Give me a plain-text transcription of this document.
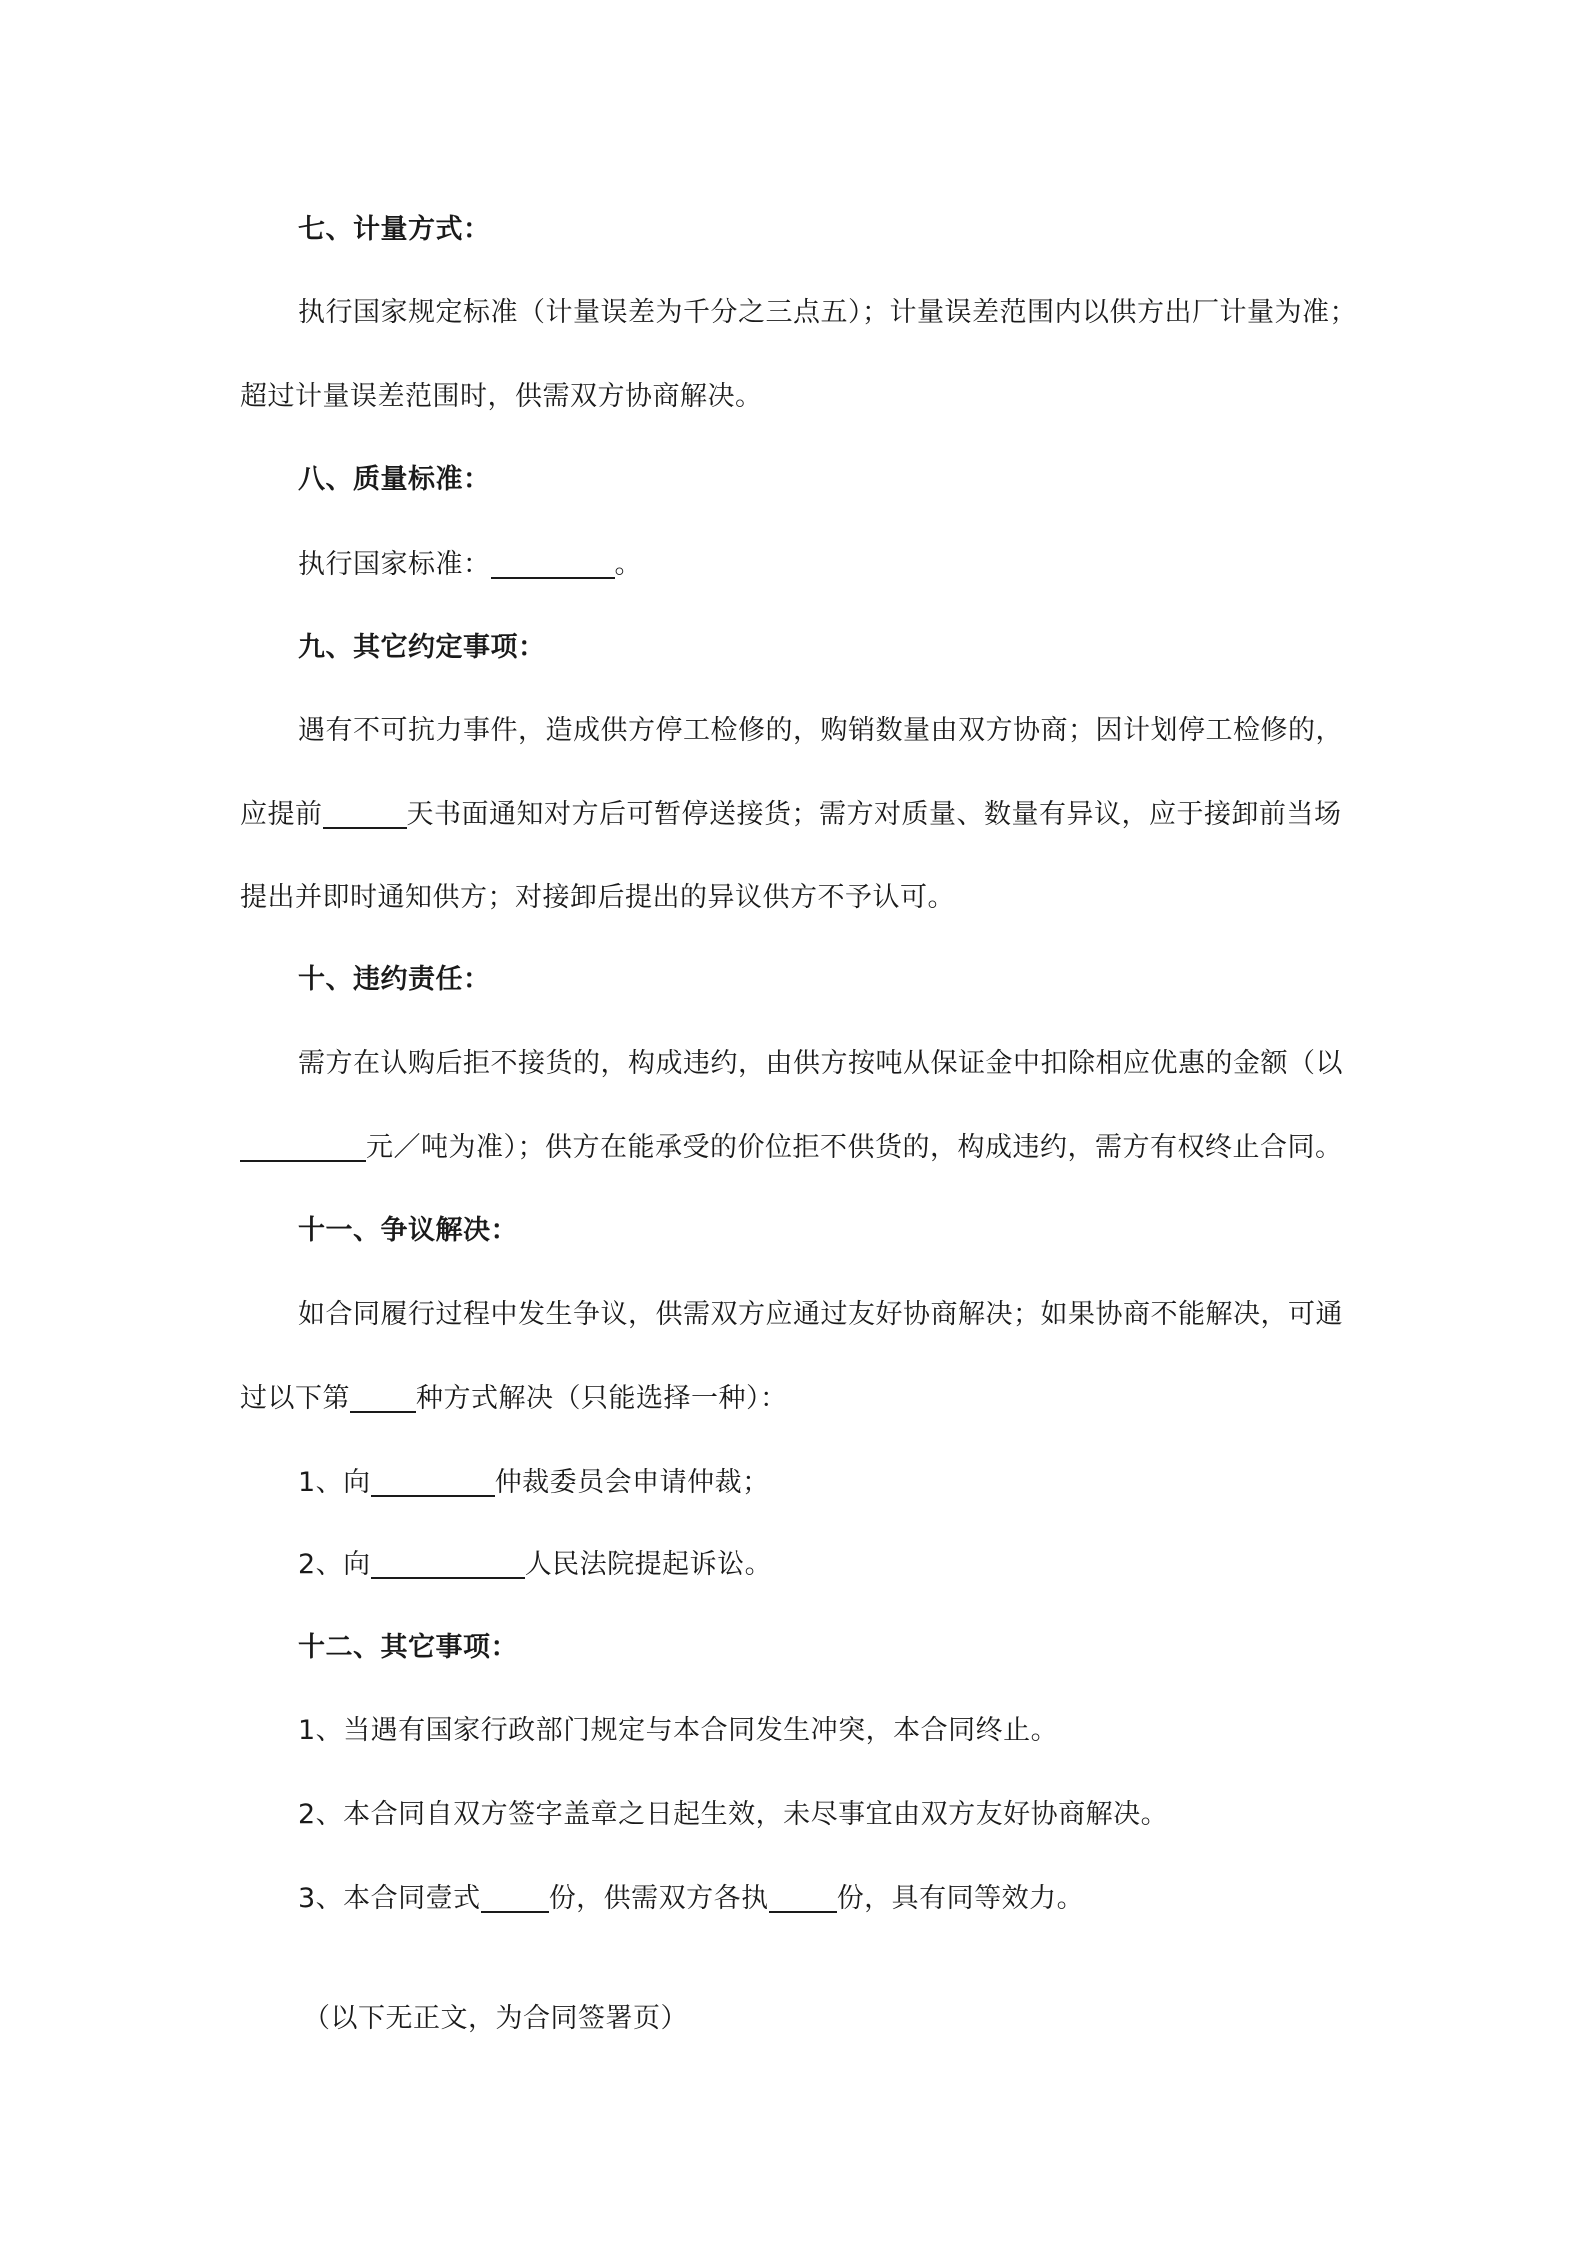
七、计量方式：
执行国家规定标准（计量误差为千分之三点五）；计量误差范围内以供方出厂计量为准；
超过计量误差范围时，供需双方协商解决。
八、质量标准：
执行国家标准：	。
九、其它约定事项：
遇有不可抗力事件，造成供方停工检修的，购销数量由双方协商；因计划停工检修的，
应提前	天书面通知对方后可暂停送接货；需方对质量、数量有异议，应于接卸前当场
提出并即时通知供方；对接卸后提出的异议供方不予认可。
十、违约责任：
需方在认购后拒不接货的，构成违约，由供方按吨从保证金中扣除相应优惠的金额（以
元／吨为准）；供方在能承受的价位拒不供货的，构成违约，需方有权终止合同。
十一、争议解决：
如合同履行过程中发生争议，供需双方应通过友好协商解决；如果协商不能解决，可通
过以下第 种方式解决（只能选择一种）：
1、向	仲裁委员会申请仲裁；
2、向	人民法院提起诉讼。
十二、其它事项：
1、当遇有国家行政部门规定与本合同发生冲突，本合同终止。
2、本合同自双方签字盖章之日起生效，未尽事宜由双方友好协商解决。
3、本合同壹式	份，供需双方各执	份，具有同等效力。
（以下无正文，为合同签署页）
